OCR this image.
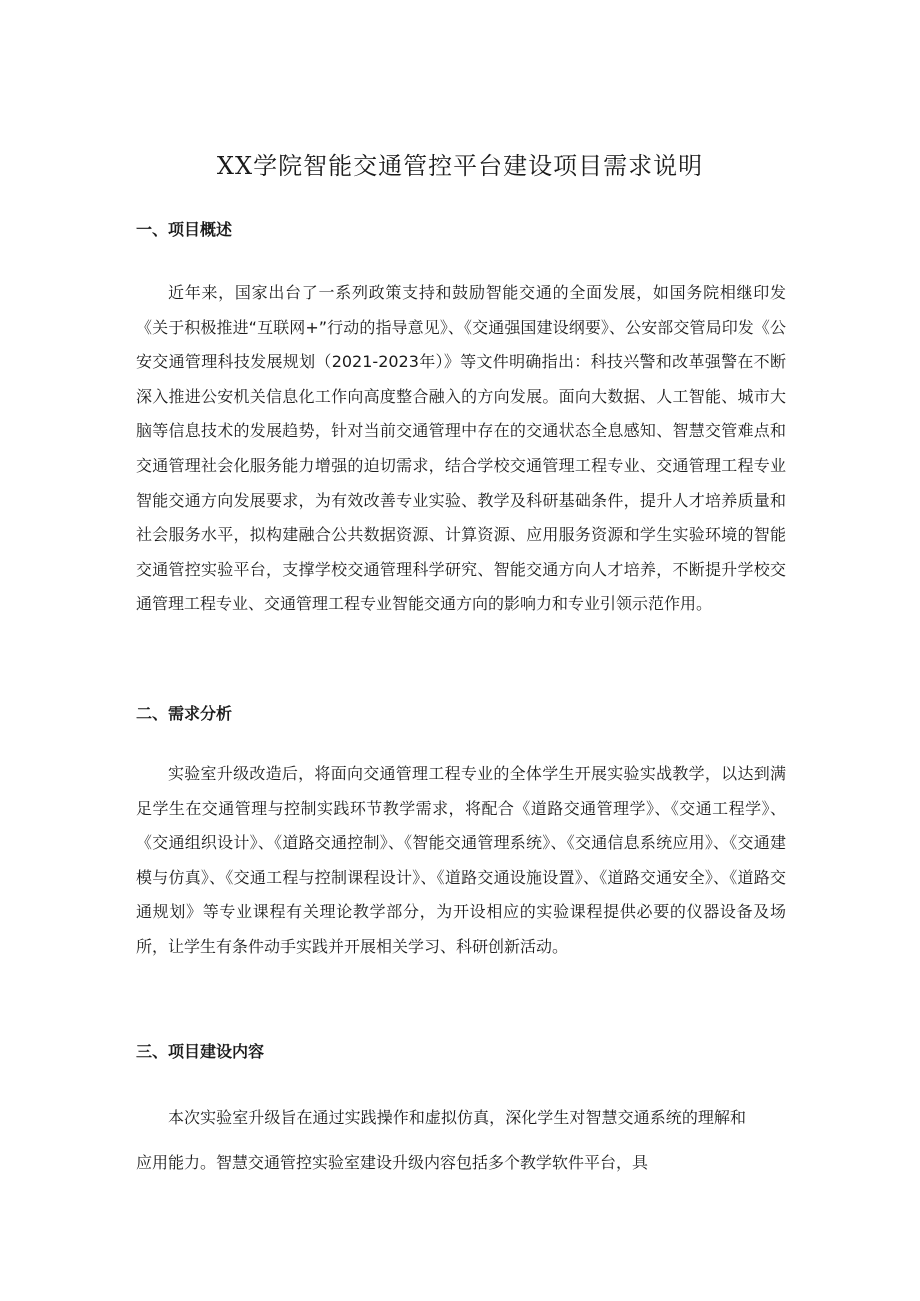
XX学院智能交通管控平台建设项目需求说明
一、项目概述

近年来，国家出台了一系列政策支持和鼓励智能交通的全面发展，如国务院相继印发《关于积极推进“互联网+”行动的指导意见》、《交通强国建设纲要》、公安部交管局印发《公安交通管理科技发展规划（2021-2023年）》等文件明确指出：科技兴警和改革强警在不断深入推进公安机关信息化工作向高度整合融入的方向发展。面向大数据、人工智能、城市大脑等信息技术的发展趋势，针对当前交通管理中存在的交通状态全息感知、智慧交管难点和交通管理社会化服务能力增强的迫切需求，结合学校交通管理工程专业、交通管理工程专业智能交通方向发展要求，为有效改善专业实验、教学及科研基础条件，提升人才培养质量和社会服务水平，拟构建融合公共数据资源、计算资源、应用服务资源和学生实验环境的智能交通管控实验平台，支撑学校交通管理科学研究、智能交通方向人才培养，不断提升学校交通管理工程专业、交通管理工程专业智能交通方向的影响力和专业引领示范作用。

二、需求分析

实验室升级改造后，将面向交通管理工程专业的全体学生开展实验实战教学，以达到满足学生在交通管理与控制实践环节教学需求，将配合《道路交通管理学》、《交通工程学》、《交通组织设计》、《道路交通控制》、《智能交通管理系统》、《交通信息系统应用》、《交通建模与仿真》、《交通工程与控制课程设计》、《道路交通设施设置》、《道路交通安全》、《道路交通规划》等专业课程有关理论教学部分，为开设相应的实验课程提供必要的仪器设备及场所，让学生有条件动手实践并开展相关学习、科研创新活动。

三、项目建设内容

本次实验室升级旨在通过实践操作和虚拟仿真，深化学生对智慧交通系统的理解和应用能力。智慧交通管控实验室建设升级内容包括多个教学软件平台，具
